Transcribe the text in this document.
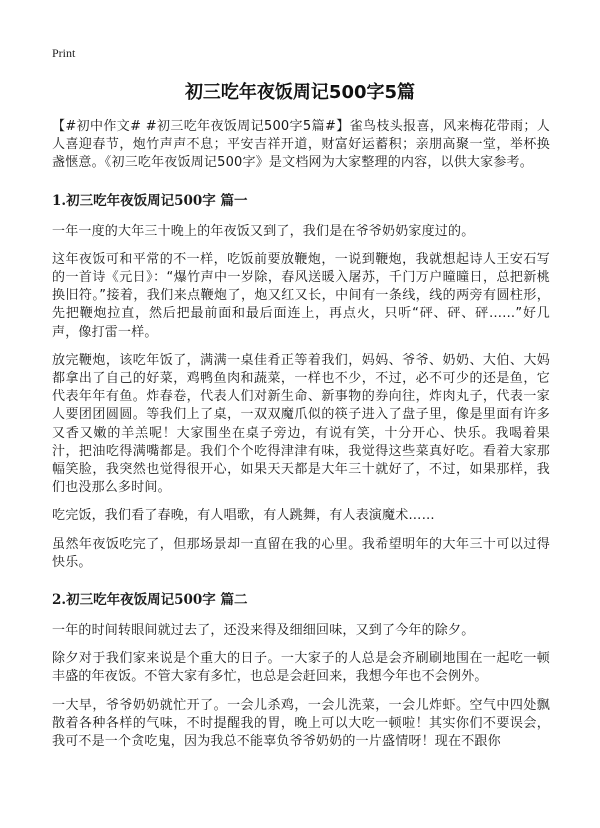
Print
初三吃年夜饭周记500字5篇

【#初中作文# #初三吃年夜饭周记500字5篇#】雀鸟枝头报喜，风来梅花带雨；人人喜迎春节，炮竹声声不息；平安吉祥开道，财富好运蓄积；亲朋高聚一堂，举杯换盏惬意。《初三吃年夜饭周记500字》是文档网为大家整理的内容，以供大家参考。

1.初三吃年夜饭周记500字 篇一

一年一度的大年三十晚上的年夜饭又到了，我们是在爷爷奶奶家度过的。

这年夜饭可和平常的不一样，吃饭前要放鞭炮，一说到鞭炮，我就想起诗人王安石写的一首诗《元日》：“爆竹声中一岁除，春风送暖入屠苏，千门万户曈曈日，总把新桃换旧符。”接着，我们来点鞭炮了，炮又红又长，中间有一条线，线的两旁有圆柱形，先把鞭炮拉直，然后把最前面和最后面连上，再点火，只听“砰、砰、砰……”好几声，像打雷一样。

放完鞭炮，该吃年饭了，满满一桌佳肴正等着我们，妈妈、爷爷、奶奶、大伯、大妈都拿出了自己的好菜，鸡鸭鱼肉和蔬菜，一样也不少，不过，必不可少的还是鱼，它代表年年有鱼。炸春卷，代表人们对新生命、新事物的券向往，炸肉丸子，代表一家人要团团圆圆。等我们上了桌，一双双魔爪似的筷子进入了盘子里，像是里面有许多又香又嫩的羊羔呢！大家围坐在桌子旁边，有说有笑，十分开心、快乐。我喝着果汁，把油吃得满嘴都是。我们个个吃得津津有味，我觉得这些菜真好吃。看着大家那幅笑脸，我突然也觉得很开心，如果天天都是大年三十就好了，不过，如果那样，我们也没那么多时间。

吃完饭，我们看了春晚，有人唱歌，有人跳舞，有人表演魔术……

虽然年夜饭吃完了，但那场景却一直留在我的心里。我希望明年的大年三十可以过得快乐。

2.初三吃年夜饭周记500字 篇二

一年的时间转眼间就过去了，还没来得及细细回味，又到了今年的除夕。

除夕对于我们家来说是个重大的日子。一大家子的人总是会齐刷刷地围在一起吃一顿丰盛的年夜饭。不管大家有多忙，也总是会赶回来，我想今年也不会例外。

一大早，爷爷奶奶就忙开了。一会儿杀鸡，一会儿洗菜，一会儿炸虾。空气中四处飘散着各种各样的气味，不时提醒我的胃，晚上可以大吃一顿啦！其实你们不要误会，我可不是一个贪吃鬼，因为我总不能辜负爷爷奶奶的一片盛情呀！现在不跟你
